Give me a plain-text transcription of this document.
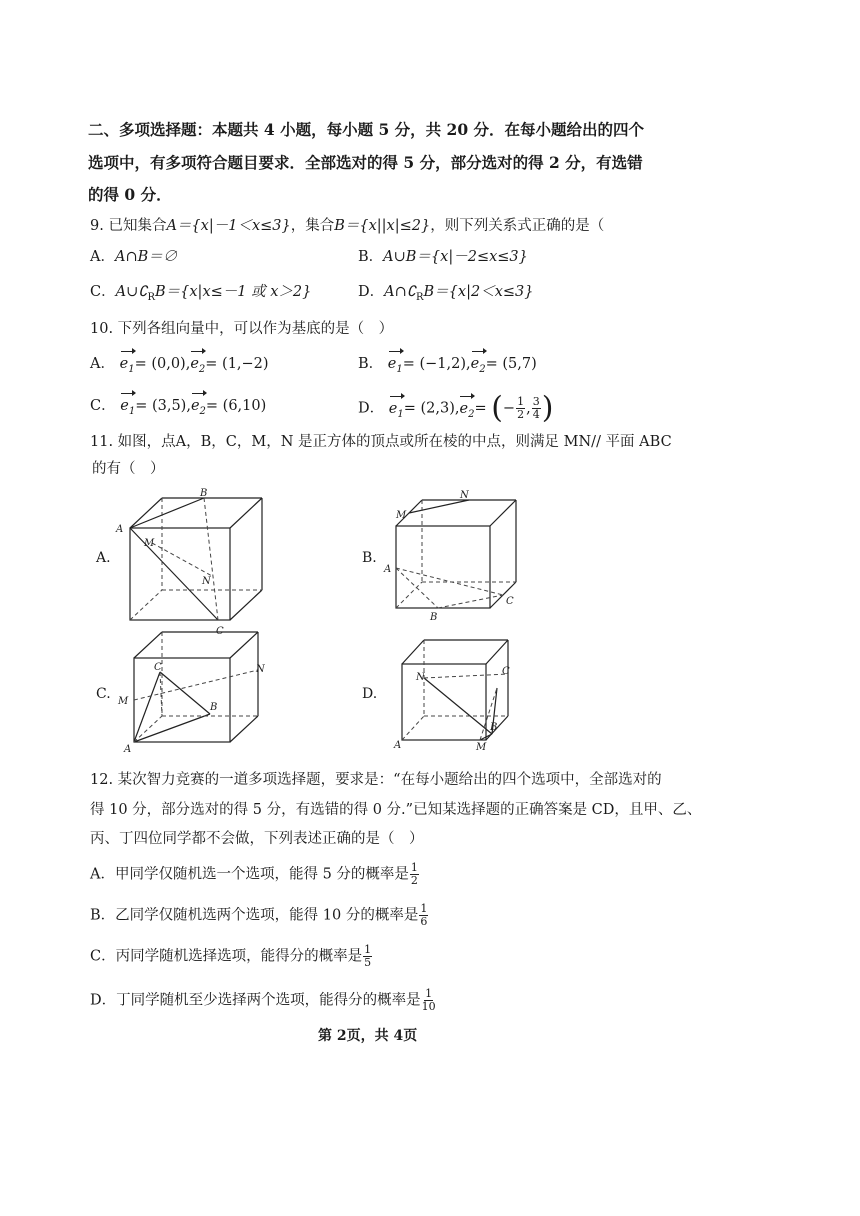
二、多项选择题：本题共 4 小题，每小题 5 分，共 20 分．在每小题给出的四个
选项中，有多项符合题目要求．全部选对的得 5 分，部分选对的得 2 分，有选错
的得 0 分．
9. 已知集合A＝{x|－1＜x≤3}，集合B＝{x||x|≤2}，则下列关系式正确的是（
A．A∩B＝∅	B．A∪B＝{x|－2≤x≤3}
C．$A\cup∁_RB=\{x|x\le-1$ 或 x＞2}	D．$A\cap∁_RB=\{x|2<x\le 3\}$
10. 下列各组向量中，可以作为基底的是（　）
A． $e_1= (0,0),e_2= (1,-2)$	B． $e_1= (-1,2),e_2= (5,7)$
C． $e_1= (3,5),e_2= (6,10)$	D． $e_1= (2,3),e_2=$ (− $\frac{1}{2}$ , $\frac{3}{4}$ )
11. 如图，点A，B，C，M，N 是正方体的顶点或所在棱的中点，则满足 MN// 平面 ABC
的有（　）
A.
A
B
C
M
N
B.
M
N
A
B
C
C.
C
B
M
N
A
D.
N
C
B
A	M
12. 某次智力竞赛的一道多项选择题，要求是：“在每小题给出的四个选项中，全部选对的
得 10 分，部分选对的得 5 分，有选错的得 0 分.”已知某选择题的正确答案是 CD，且甲、乙、
丙、丁四位同学都不会做，下列表述正确的是（　）
A．甲同学仅随机选一个选项，能得 5 分的概率是 $\frac{1}{2}$
B．乙同学仅随机选两个选项，能得 10 分的概率是 $\frac{1}{6}$
C．丙同学随机选择选项，能得分的概率是 $\frac{1}{5}$
D．丁同学随机至少选择两个选项，能得分的概率是 $\frac{1}{10}$
第 2页，共 4页
